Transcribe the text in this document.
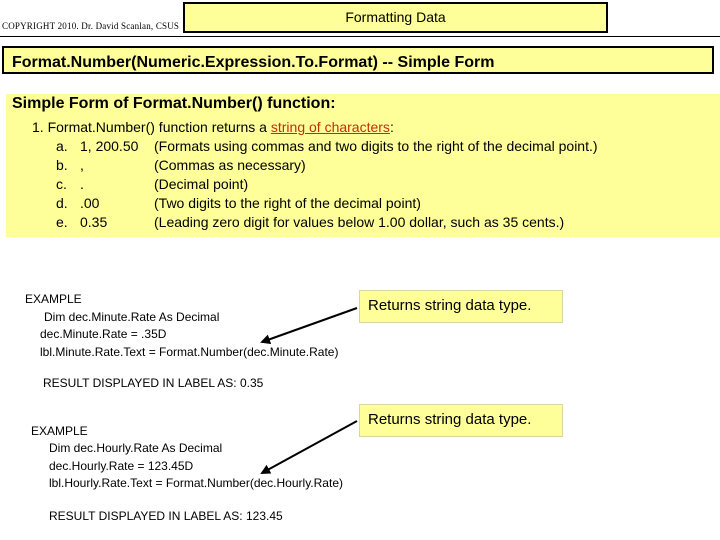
COPYRIGHT 2010. Dr. David Scanlan, CSUS
Formatting Data
Format.Number(Numeric.Expression.To.Format) -- Simple Form
Simple Form of Format.Number() function:
1. Format.Number() function returns a string of characters:
a. 1, 200.50 (Formats using commas and two digits to the right of the decimal point.)
b. ,	(Commas as necessary)
c. .	(Decimal point)
d. .00	(Two digits to the right of the decimal point)
e. 0.35	(Leading zero digit for values below 1.00 dollar, such as 35 cents.)
EXAMPLE
Dim dec.Minute.Rate As Decimal
dec.Minute.Rate = .35D
lbl.Minute.Rate.Text = Format.Number(dec.Minute.Rate)
RESULT DISPLAYED IN LABEL AS: 0.35
Returns string data type.
EXAMPLE
Dim dec.Hourly.Rate As Decimal
dec.Hourly.Rate = 123.45D
lbl.Hourly.Rate.Text = Format.Number(dec.Hourly.Rate)
RESULT DISPLAYED IN LABEL AS: 123.45
Returns string data type.
